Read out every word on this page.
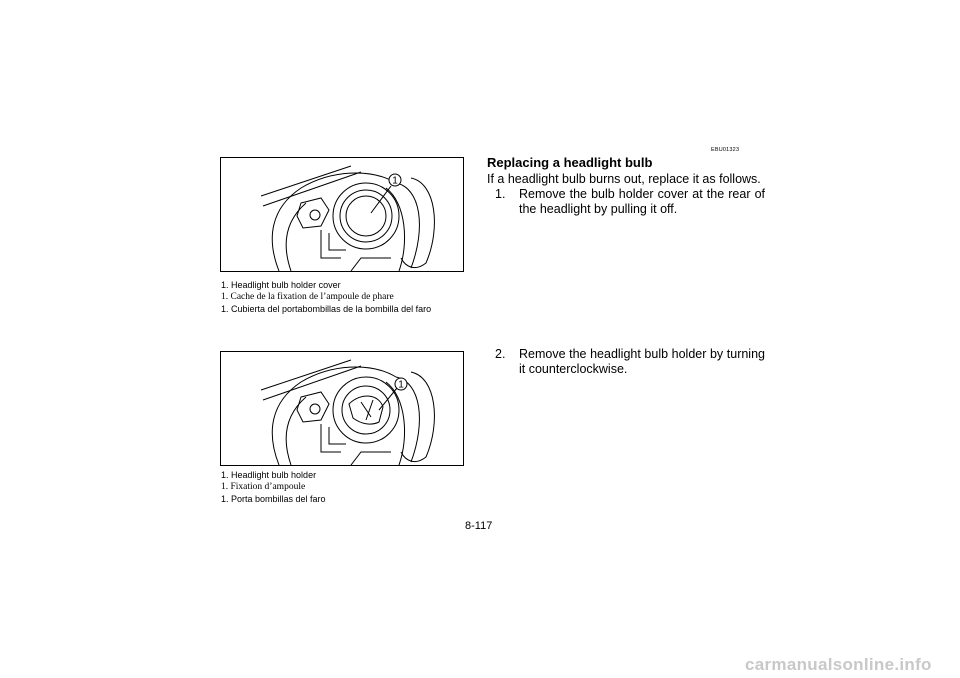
1
1. Headlight bulb holder cover
1. Cache de la fixation de l’ampoule de phare
1. Cubierta del portabombillas de la bombilla del faro
1
1. Headlight bulb holder
1. Fixation d’ampoule
1. Porta bombillas del faro
EBU01323
Replacing a headlight bulb
If a headlight bulb burns out, replace it as follows.
1. Remove the bulb holder cover at the rear of the headlight by pulling it off.
2. Remove the headlight bulb holder by turning it counterclockwise.
8-117
carmanualsonline.info
